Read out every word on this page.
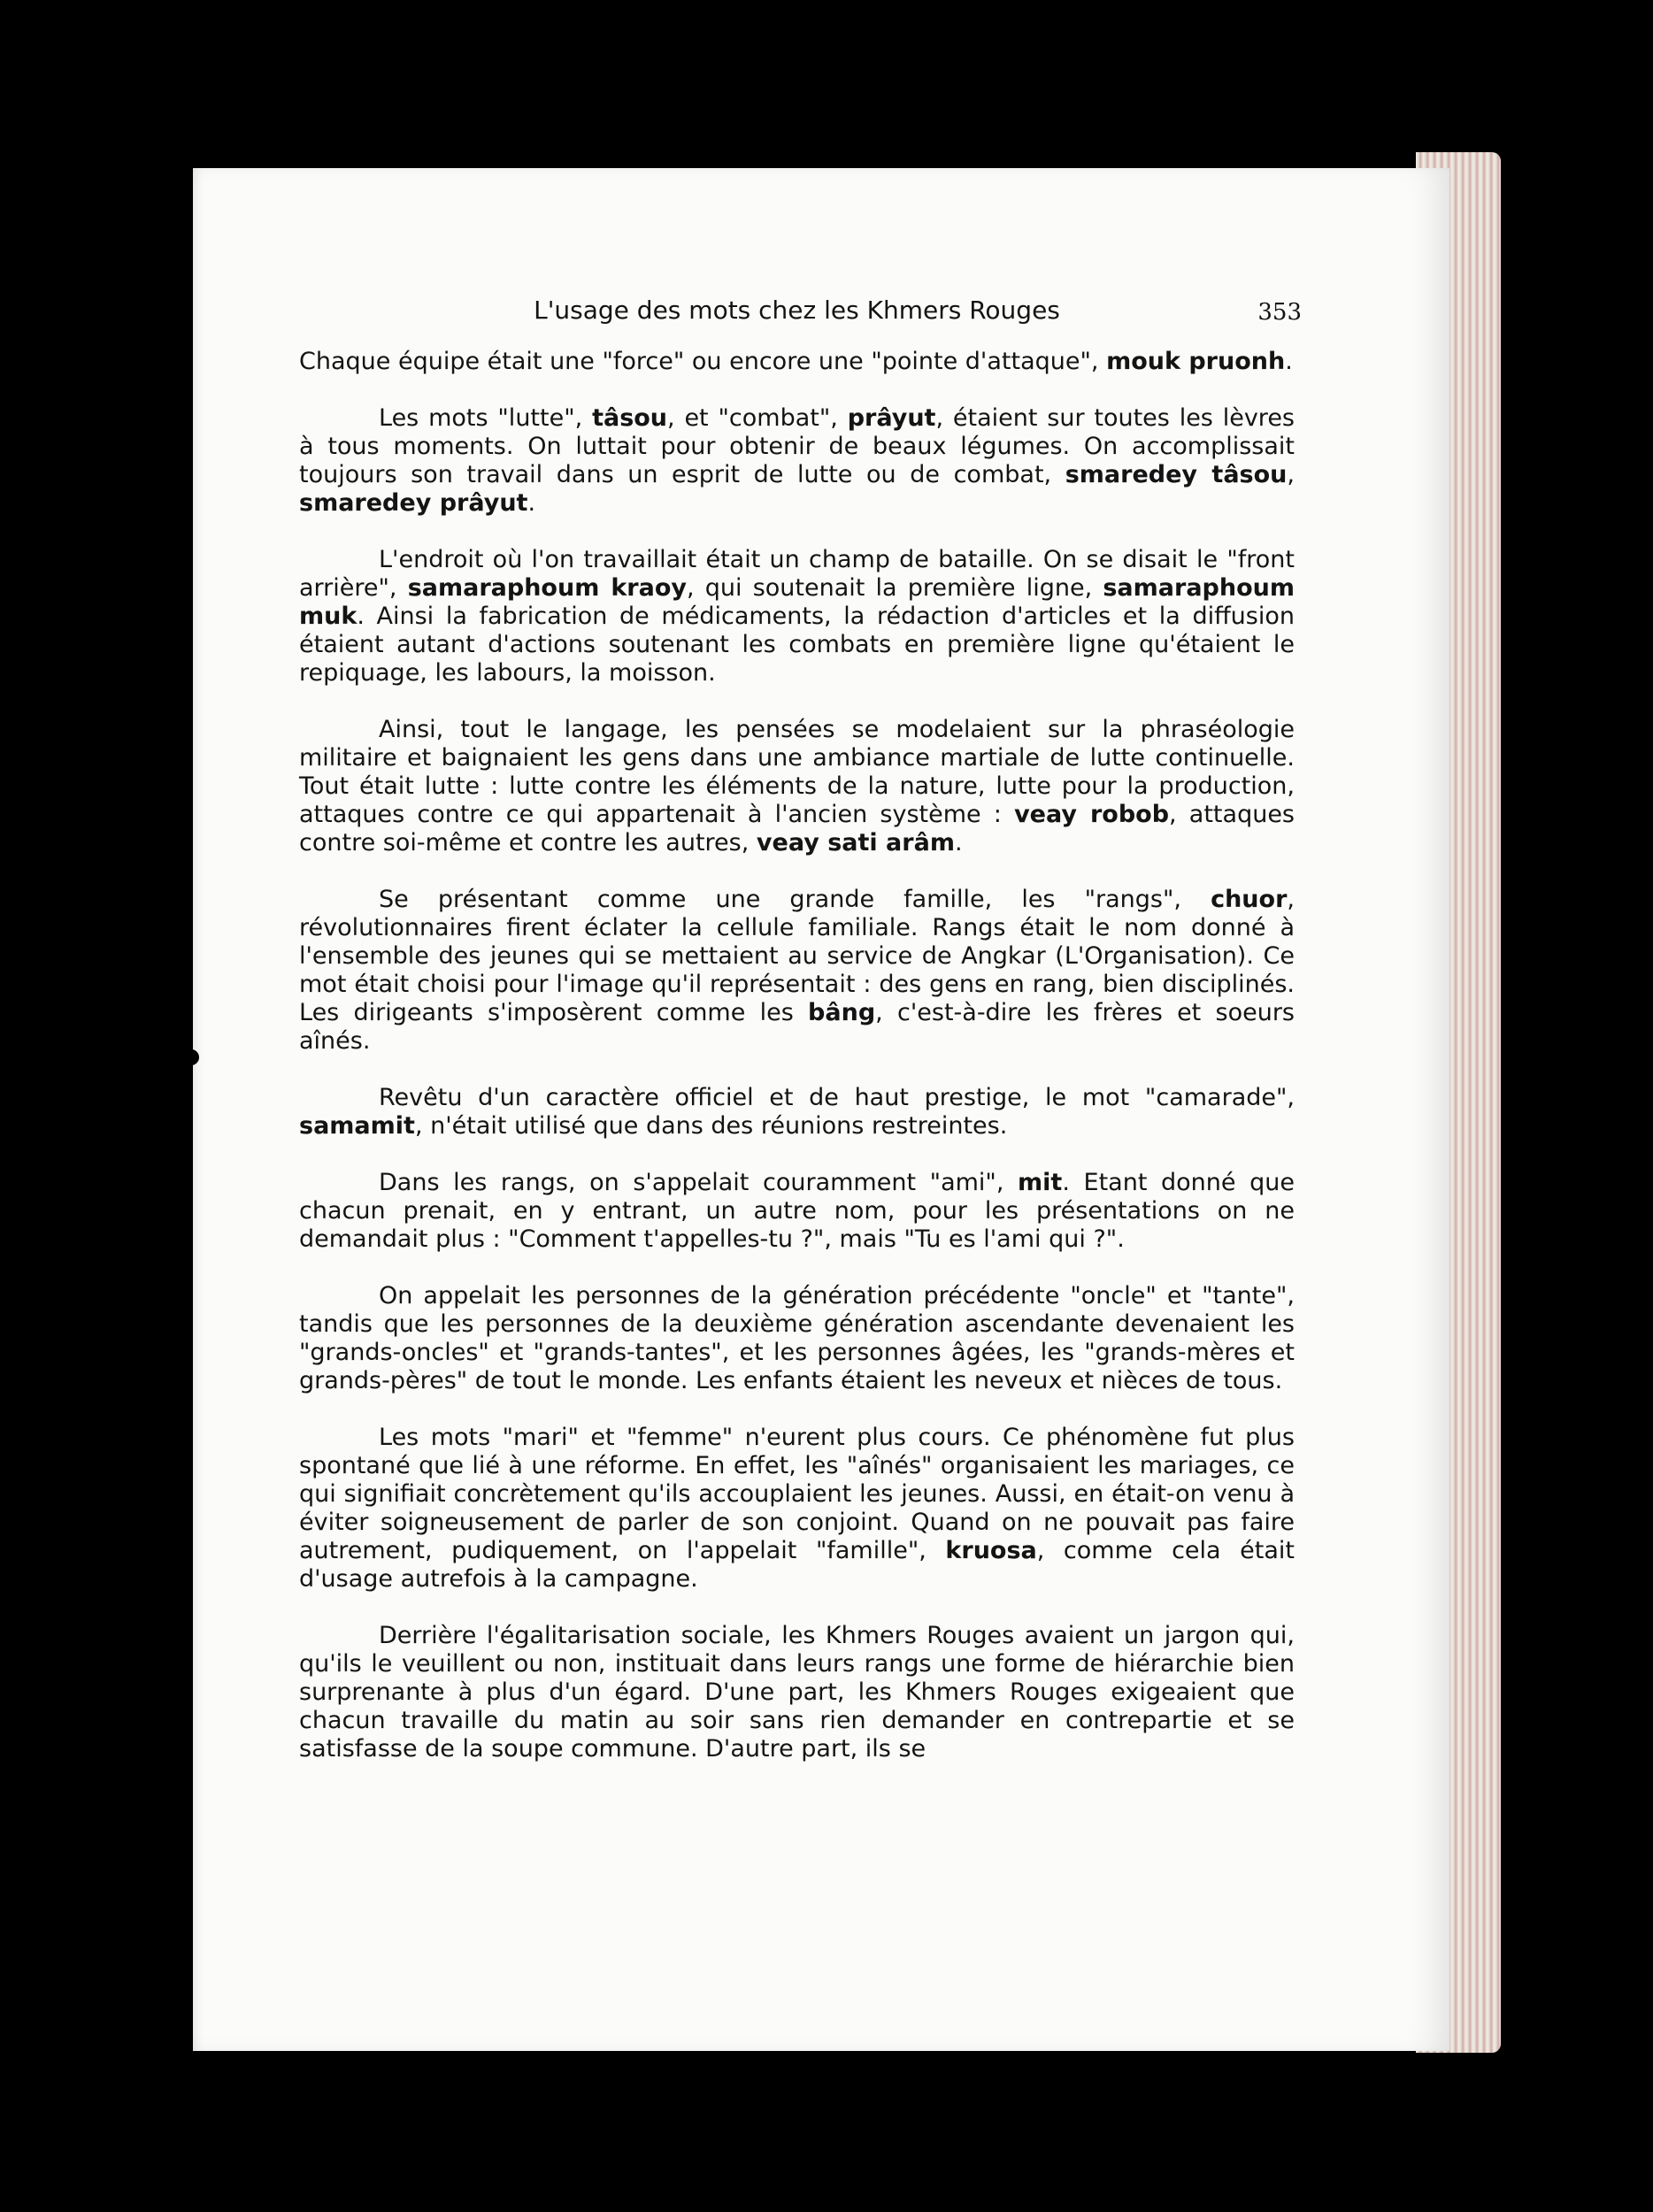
L'usage des mots chez les Khmers Rouges	353

Chaque équipe était une "force" ou encore une "pointe d'attaque", mouk pruonh.

Les mots "lutte", tâsou, et "combat", prâyut, étaient sur toutes les lèvres à tous moments. On luttait pour obtenir de beaux légumes. On accomplissait toujours son travail dans un esprit de lutte ou de combat, smaredey tâsou, smaredey prâyut.

L'endroit où l'on travaillait était un champ de bataille. On se disait le "front arrière", samaraphoum kraoy, qui soutenait la première ligne, samaraphoum muk. Ainsi la fabrication de médicaments, la rédaction d'articles et la diffusion étaient autant d'actions soutenant les combats en première ligne qu'étaient le repiquage, les labours, la moisson.

Ainsi, tout le langage, les pensées se modelaient sur la phraséologie militaire et baignaient les gens dans une ambiance martiale de lutte continuelle. Tout était lutte : lutte contre les éléments de la nature, lutte pour la production, attaques contre ce qui appartenait à l'ancien système : veay robob, attaques contre soi-même et contre les autres, veay sati arâm.

Se présentant comme une grande famille, les "rangs", chuor, révolutionnaires firent éclater la cellule familiale. Rangs était le nom donné à l'ensemble des jeunes qui se mettaient au service de Angkar (L'Organisation). Ce mot était choisi pour l'image qu'il représentait : des gens en rang, bien disciplinés. Les dirigeants s'imposèrent comme les bâng, c'est-à-dire les frères et soeurs aînés.

Revêtu d'un caractère officiel et de haut prestige, le mot "camarade", samamit, n'était utilisé que dans des réunions restreintes.

Dans les rangs, on s'appelait couramment "ami", mit. Etant donné que chacun prenait, en y entrant, un autre nom, pour les présentations on ne demandait plus : "Comment t'appelles-tu ?", mais "Tu es l'ami qui ?".

On appelait les personnes de la génération précédente "oncle" et "tante", tandis que les personnes de la deuxième génération ascendante devenaient les "grands-oncles" et "grands-tantes", et les personnes âgées, les "grands-mères et grands-pères" de tout le monde. Les enfants étaient les neveux et nièces de tous.

Les mots "mari" et "femme" n'eurent plus cours. Ce phénomène fut plus spontané que lié à une réforme. En effet, les "aînés" organisaient les mariages, ce qui signifiait concrètement qu'ils accouplaient les jeunes. Aussi, en était-on venu à éviter soigneusement de parler de son conjoint. Quand on ne pouvait pas faire autrement, pudiquement, on l'appelait "famille", kruosa, comme cela était d'usage autrefois à la campagne.

Derrière l'égalitarisation sociale, les Khmers Rouges avaient un jargon qui, qu'ils le veuillent ou non, instituait dans leurs rangs une forme de hiérarchie bien surprenante à plus d'un égard. D'une part, les Khmers Rouges exigeaient que chacun travaille du matin au soir sans rien demander en contrepartie et se satisfasse de la soupe commune. D'autre part, ils se
